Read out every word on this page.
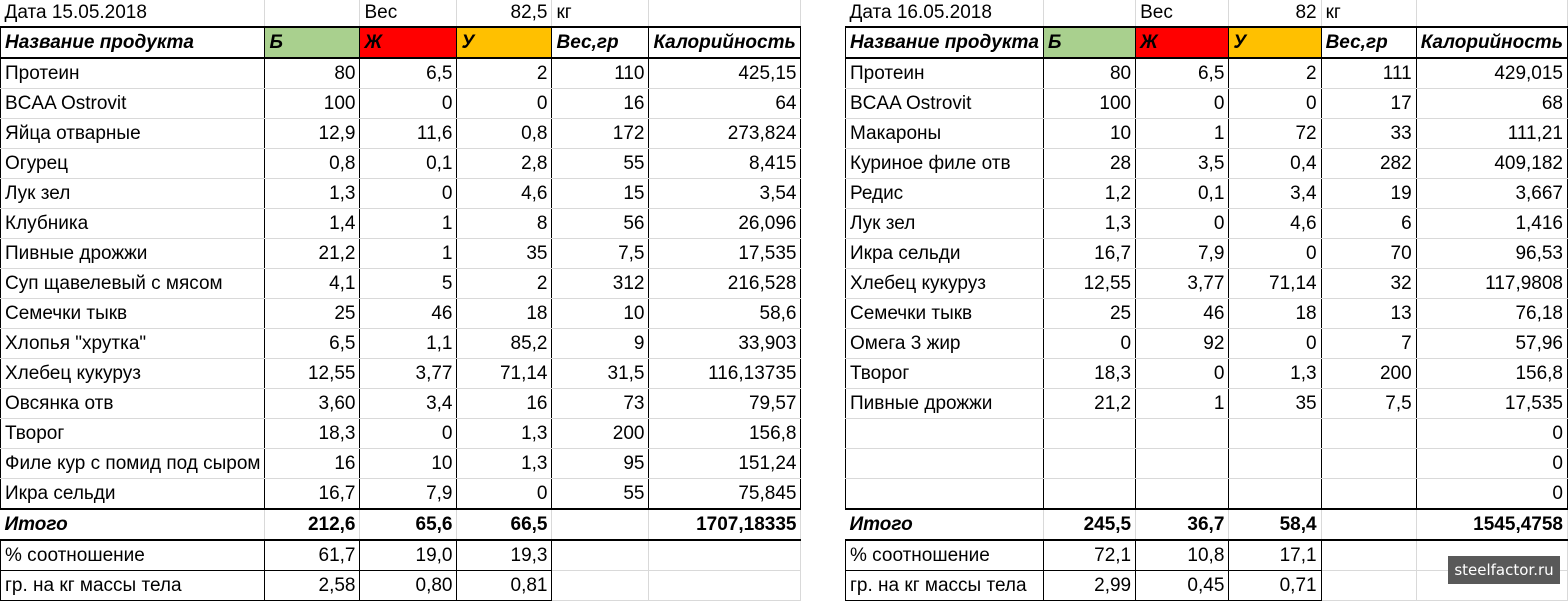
Дата 15.05.2018		Вес	82,5	кг	
Название продукта	Б	Ж	У	Вес,гр	Калорийность
Протеин	80	6,5	2	110	425,15
BCAA Ostrovit	100	0	0	16	64
Яйца отварные	12,9	11,6	0,8	172	273,824
Огурец	0,8	0,1	2,8	55	8,415
Лук зел	1,3	0	4,6	15	3,54
Клубника	1,4	1	8	56	26,096
Пивные дрожжи	21,2	1	35	7,5	17,535
Суп щавелевый с мясом	4,1	5	2	312	216,528
Семечки тыкв	25	46	18	10	58,6
Хлопья "хрутка"	6,5	1,1	85,2	9	33,903
Хлебец кукуруз	12,55	3,77	71,14	31,5	116,13735
Овсянка отв	3,60	3,4	16	73	79,57
Творог	18,3	0	1,3	200	156,8
Филе кур с помид под сыром	16	10	1,3	95	151,24
Икра сельди	16,7	7,9	0	55	75,845
Итого	212,6	65,6	66,5		1707,18335
% соотношение	61,7	19,0	19,3		
гр. на кг массы тела	2,58	0,80	0,81		
Дата 16.05.2018		Вес	82	кг	
Название продукта	Б	Ж	У	Вес,гр	Калорийность
Протеин	80	6,5	2	111	429,015
BCAA Ostrovit	100	0	0	17	68
Макароны	10	1	72	33	111,21
Куриное филе отв	28	3,5	0,4	282	409,182
Редис	1,2	0,1	3,4	19	3,667
Лук зел	1,3	0	4,6	6	1,416
Икра сельди	16,7	7,9	0	70	96,53
Хлебец кукуруз	12,55	3,77	71,14	32	117,9808
Семечки тыкв	25	46	18	13	76,18
Омега 3 жир	0	92	0	7	57,96
Творог	18,3	0	1,3	200	156,8
Пивные дрожжи	21,2	1	35	7,5	17,535
					0
					0
					0
Итого	245,5	36,7	58,4		1545,4758
% соотношение	72,1	10,8	17,1		
гр. на кг массы тела	2,99	0,45	0,71		
steelfactor.ru
